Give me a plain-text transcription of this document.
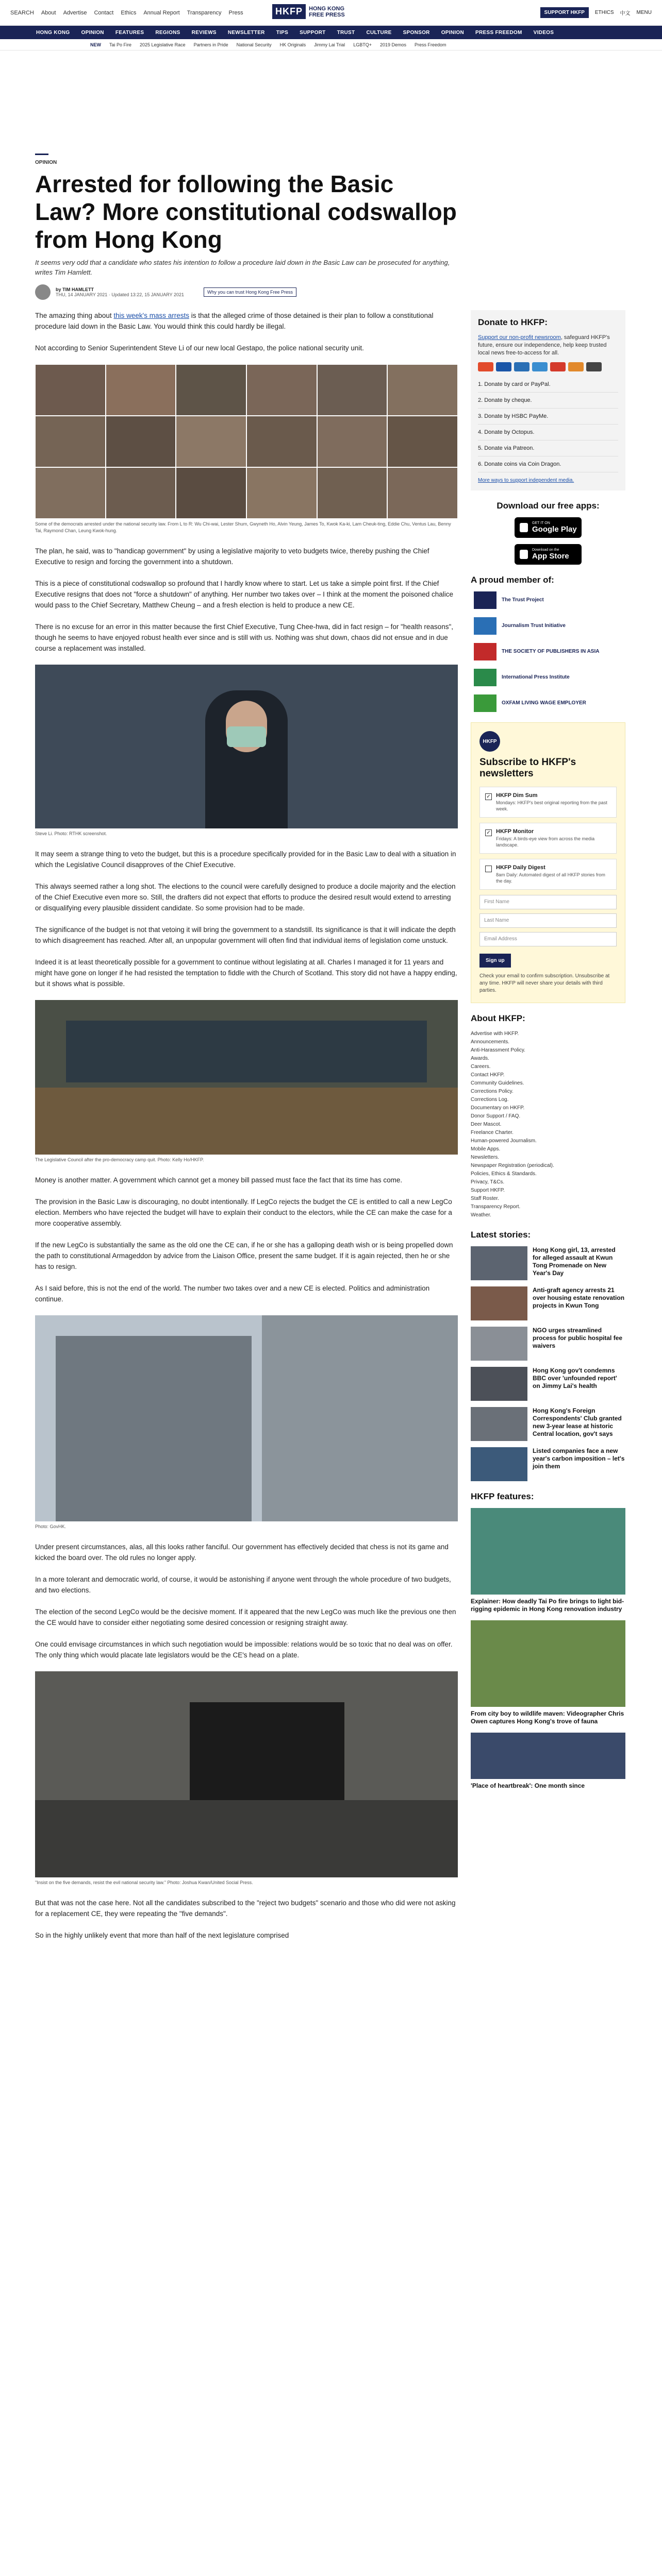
SEARCH About Advertise Contact Ethics Annual Report Transparency Press	HKFP	HONG KONG
FREE PRESS	SUPPORT HKFP	ETHICS 中文 MENU
HONG KONG OPINION FEATURES REGIONS REVIEWS NEWSLETTER TIPS SUPPORT TRUST CULTURE SPONSOR OPINION PRESS FREEDOM VIDEOS
NEW Tai Po Fire 2025 Legislative Race Partners in Pride National Security HK Originals Jimmy Lai Trial LGBTQ+ 2019 Demos Press Freedom
OPINION
Arrested for following the Basic Law? More constitutional codswallop from Hong Kong
It seems very odd that a candidate who states his intention to follow a procedure laid down in the Basic Law can be prosecuted for anything, writes Tim Hamlett.
by TIM HAMLETT
THU, 14 JANUARY 2021 · Updated 13:22, 15 JANUARY 2021	Why you can trust Hong Kong Free Press

The amazing thing about this week's mass arrests is that the alleged crime of those detained is their plan to follow a constitutional procedure laid down in the Basic Law. You would think this could hardly be illegal.

Not according to Senior Superintendent Steve Li of our new local Gestapo, the police national security unit.

Some of the democrats arrested under the national security law. From L to R: Wu Chi-wai, Lester Shum, Gwyneth Ho, Alvin Yeung, James To, Kwok Ka-ki, Lam Cheuk-ting, Eddie Chu, Ventus Lau, Benny Tai, Raymond Chan, Leung Kwok-hung.

The plan, he said, was to "handicap government" by using a legislative majority to veto budgets twice, thereby pushing the Chief Executive to resign and forcing the government into a shutdown.

This is a piece of constitutional codswallop so profound that I hardly know where to start. Let us take a simple point first. If the Chief Executive resigns that does not "force a shutdown" of anything. Her number two takes over – I think at the moment the poisoned chalice would pass to the Chief Secretary, Matthew Cheung – and a fresh election is held to produce a new CE.

There is no excuse for an error in this matter because the first Chief Executive, Tung Chee-hwa, did in fact resign – for "health reasons", though he seems to have enjoyed robust health ever since and is still with us. Nothing was shut down, chaos did not ensue and in due course a replacement was installed.

Steve Li. Photo: RTHK screenshot.

It may seem a strange thing to veto the budget, but this is a procedure specifically provided for in the Basic Law to deal with a situation in which the Legislative Council disapproves of the Chief Executive.

This always seemed rather a long shot. The elections to the council were carefully designed to produce a docile majority and the election of the Chief Executive even more so. Still, the drafters did not expect that efforts to produce the desired result would extend to arresting or disqualifying every plausible dissident candidate. So some provision had to be made.

The significance of the budget is not that vetoing it will bring the government to a standstill. Its significance is that it will indicate the depth to which disagreement has reached. After all, an unpopular government will often find that individual items of legislation come unstuck.

Indeed it is at least theoretically possible for a government to continue without legislating at all. Charles I managed it for 11 years and might have gone on longer if he had resisted the temptation to fiddle with the Church of Scotland. This story did not have a happy ending, but it shows what is possible.

The Legislative Council after the pro-democracy camp quit. Photo: Kelly Ho/HKFP.

Money is another matter. A government which cannot get a money bill passed must face the fact that its time has come.

The provision in the Basic Law is discouraging, no doubt intentionally. If LegCo rejects the budget the CE is entitled to call a new LegCo election. Members who have rejected the budget will have to explain their conduct to the electors, while the CE can make the case for a more cooperative assembly.

If the new LegCo is substantially the same as the old one the CE can, if he or she has a galloping death wish or is being propelled down the path to constitutional Armageddon by advice from the Liaison Office, present the same budget. If it is again rejected, then he or she has to resign.

As I said before, this is not the end of the world. The number two takes over and a new CE is elected. Politics and administration continue.

Photo: GovHK.

Under present circumstances, alas, all this looks rather fanciful. Our government has effectively decided that chess is not its game and kicked the board over. The old rules no longer apply.

In a more tolerant and democratic world, of course, it would be astonishing if anyone went through the whole procedure of two budgets, and two elections.

The election of the second LegCo would be the decisive moment. If it appeared that the new LegCo was much like the previous one then the CE would have to consider either negotiating some desired concession or resigning straight away.

One could envisage circumstances in which such negotiation would be impossible: relations would be so toxic that no deal was on offer. The only thing which would placate late legislators would be the CE's head on a plate.

"Insist on the five demands, resist the evil national security law." Photo: Joshua Kwan/United Social Press.

But that was not the case here. Not all the candidates subscribed to the "reject two budgets" scenario and those who did were not asking for a replacement CE, they were repeating the "five demands".

So in the highly unlikely event that more than half of the next legislature comprised

Donate to HKFP:

Support our non-profit newsroom, safeguard HKFP's future, ensure our independence, help keep trusted local news free-to-access for all.

1. Donate by card or PayPal.
2. Donate by cheque.
3. Donate by HSBC PayMe.
4. Donate by Octopus.
5. Donate via Patreon.
6. Donate coins via Coin Dragon.
More ways to support independent media.
Download our free apps:
GET IT ON
Google Play
Download on the
App Store
A proud member of:
The Trust Project
Journalism Trust Initiative
THE SOCIETY OF PUBLISHERS IN ASIA
International Press Institute
OXFAM LIVING WAGE EMPLOYER
HKFP
Subscribe to HKFP's newsletters
✓ HKFP Dim Sum
Mondays: HKFP's best original reporting from the past week.
✓ HKFP Monitor
Fridays: A birds-eye view from across the media landscape.
HKFP Daily Digest
8am Daily: Automated digest of all HKFP stories from the day.
First Name
Last Name
Email Address
Sign up
Check your email to confirm subscription. Unsubscribe at any time. HKFP will never share your details with third parties.
About HKFP:
Advertise with HKFP.
Announcements.
Anti-Harassment Policy.
Awards.
Careers.
Contact HKFP.
Community Guidelines.
Corrections Policy.
Corrections Log.
Documentary on HKFP.
Donor Support / FAQ.
Deer Mascot.
Freelance Charter.
Human-powered Journalism.
Mobile Apps.
Newsletters.
Newspaper Registration (periodical).
Policies, Ethics & Standards.
Privacy, T&Cs.
Support HKFP.
Staff Roster.
Transparency Report.
Weather.
Latest stories:
Hong Kong girl, 13, arrested for alleged assault at Kwun Tong Promenade on New Year's Day
Anti-graft agency arrests 21 over housing estate renovation projects in Kwun Tong
NGO urges streamlined process for public hospital fee waivers
Hong Kong gov't condemns BBC over 'unfounded report' on Jimmy Lai's health
Hong Kong's Foreign Correspondents' Club granted new 3-year lease at historic Central location, gov't says
Listed companies face a new year's carbon imposition – let's join them
HKFP features:
Explainer: How deadly Tai Po fire brings to light bid-rigging epidemic in Hong Kong renovation industry
From city boy to wildlife maven: Videographer Chris Owen captures Hong Kong's trove of fauna
'Place of heartbreak': One month since
